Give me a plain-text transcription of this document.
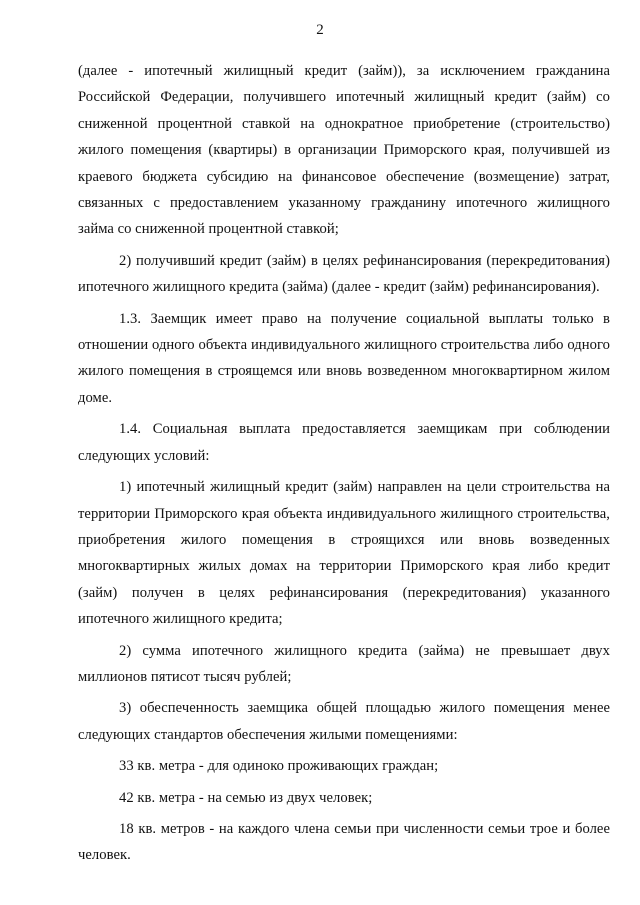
2

(далее - ипотечный жилищный кредит (займ)), за исключением гражданина Российской Федерации, получившего ипотечный жилищный кредит (займ) со сниженной процентной ставкой на однократное приобретение (строительство) жилого помещения (квартиры) в организации Приморского края, получившей из краевого бюджета субсидию на финансовое обеспечение (возмещение) затрат, связанных с предоставлением указанному гражданину ипотечного жилищного займа со сниженной процентной ставкой;

2) получивший кредит (займ) в целях рефинансирования (перекредитования) ипотечного жилищного кредита (займа) (далее - кредит (займ) рефинансирования).

1.3. Заемщик имеет право на получение социальной выплаты только в отношении одного объекта индивидуального жилищного строительства либо одного жилого помещения в строящемся или вновь возведенном многоквартирном жилом доме.

1.4. Социальная выплата предоставляется заемщикам при соблюдении следующих условий:

1) ипотечный жилищный кредит (займ) направлен на цели строительства на территории Приморского края объекта индивидуального жилищного строительства, приобретения жилого помещения в строящихся или вновь возведенных многоквартирных жилых домах на территории Приморского края либо кредит (займ) получен в целях рефинансирования (перекредитования) указанного ипотечного жилищного кредита;

2) сумма ипотечного жилищного кредита (займа) не превышает двух миллионов пятисот тысяч рублей;

3) обеспеченность заемщика общей площадью жилого помещения менее следующих стандартов обеспечения жилыми помещениями:

33 кв. метра - для одиноко проживающих граждан;

42 кв. метра - на семью из двух человек;

18 кв. метров - на каждого члена семьи при численности семьи трое и более человек.
